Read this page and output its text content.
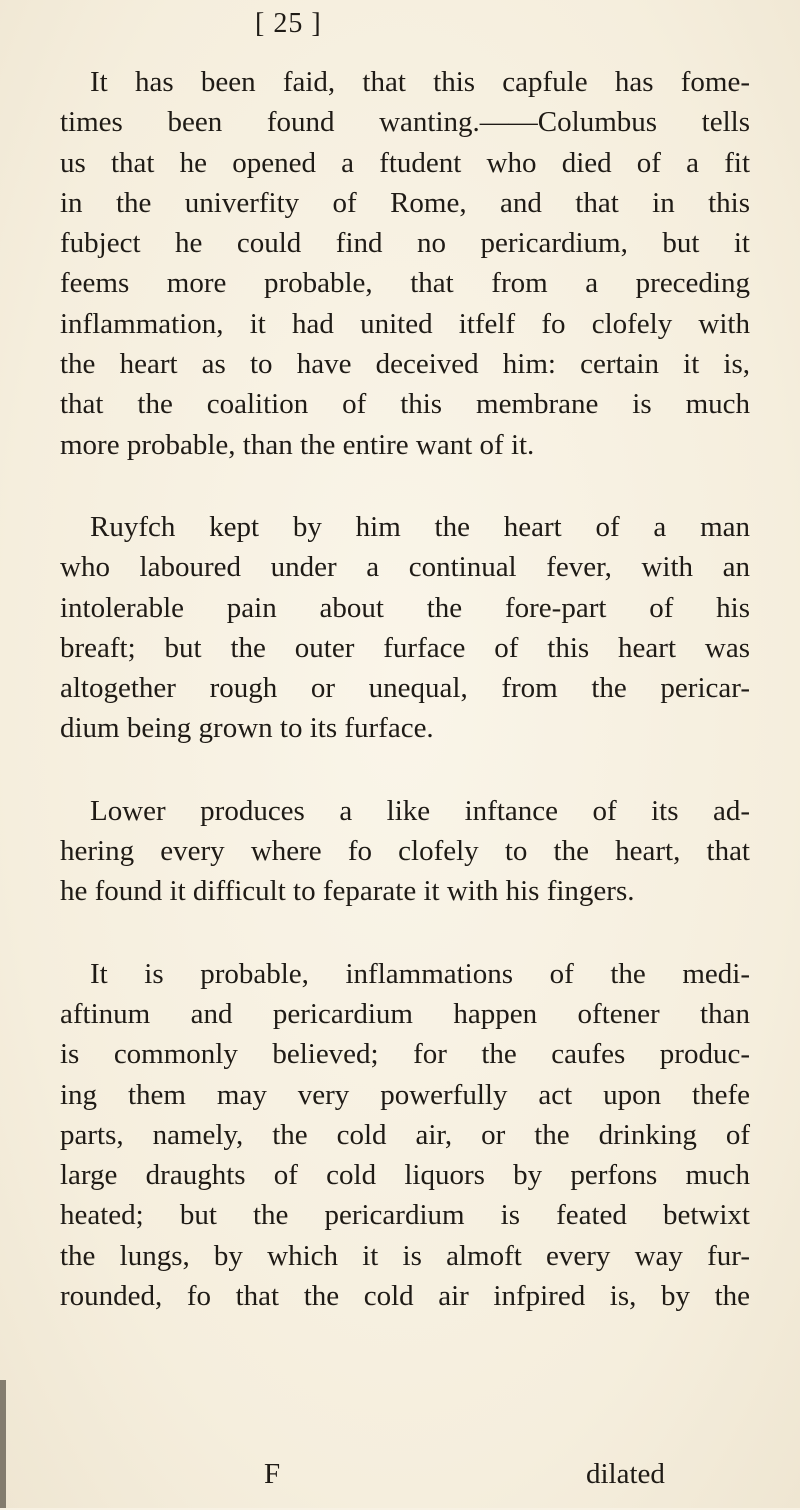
[ 25 ]

It has been faid, that this capfule has fome-
times been found wanting.——Columbus tells
us that he opened a ftudent who died of a fit
in the univerfity of Rome, and that in this
fubject he could find no pericardium, but it
feems more probable, that from a preceding
inflammation, it had united itfelf fo clofely with
the heart as to have deceived him: certain it is,
that the coalition of this membrane is much
more probable, than the entire want of it.

Ruyfch kept by him the heart of a man
who laboured under a continual fever, with an
intolerable pain about the fore-part of his
breaft; but the outer furface of this heart was
altogether rough or unequal, from the pericar-
dium being grown to its furface.

Lower produces a like inftance of its ad-
hering every where fo clofely to the heart, that
he found it difficult to feparate it with his fingers.

It is probable, inflammations of the medi-
aftinum and pericardium happen oftener than
is commonly believed; for the caufes produc-
ing them may very powerfully act upon thefe
parts, namely, the cold air, or the drinking of
large draughts of cold liquors by perfons much
heated; but the pericardium is feated betwixt
the lungs, by which it is almoft every way fur-
rounded, fo that the cold air infpired is, by the

F	dilated
